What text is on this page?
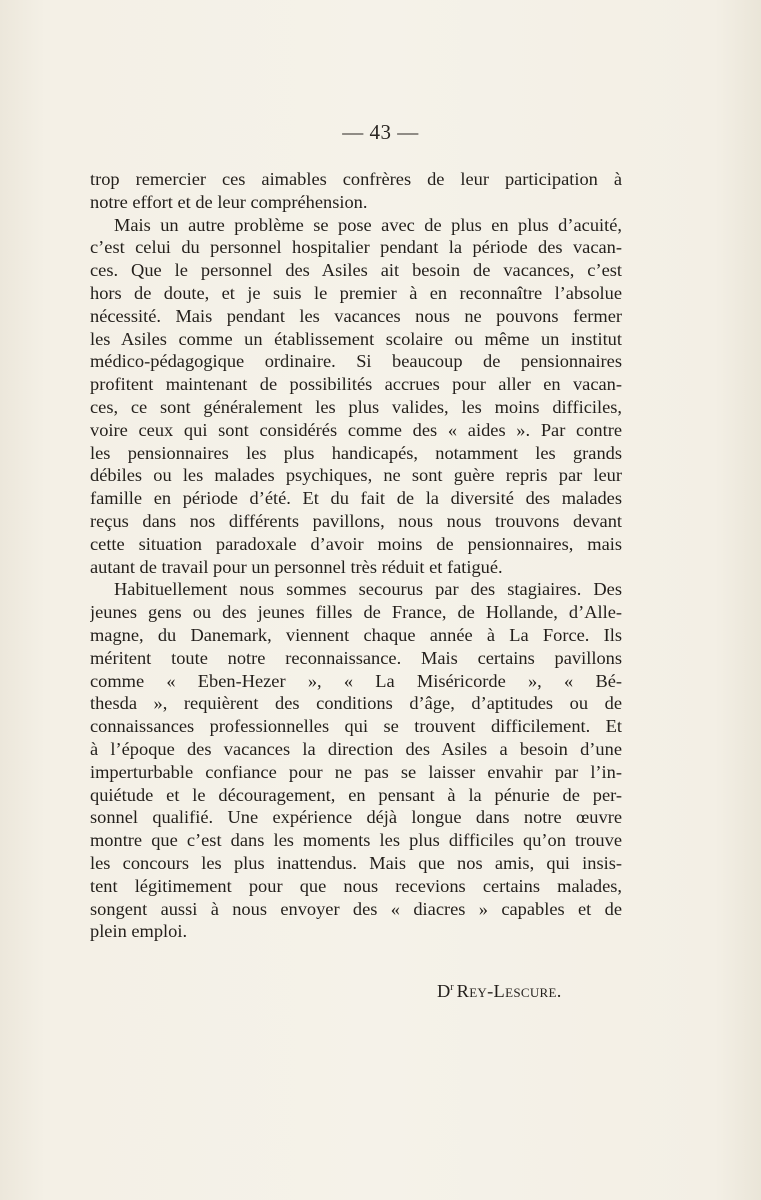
— 43 —
trop remercier ces aimables confrères de leur participation à
notre effort et de leur compréhension.
Mais un autre problème se pose avec de plus en plus d’acuité,
c’est celui du personnel hospitalier pendant la période des vacan-
ces. Que le personnel des Asiles ait besoin de vacances, c’est
hors de doute, et je suis le premier à en reconnaître l’absolue
nécessité. Mais pendant les vacances nous ne pouvons fermer
les Asiles comme un établissement scolaire ou même un institut
médico-pédagogique ordinaire. Si beaucoup de pensionnaires
profitent maintenant de possibilités accrues pour aller en vacan-
ces, ce sont généralement les plus valides, les moins difficiles,
voire ceux qui sont considérés comme des « aides ». Par contre
les pensionnaires les plus handicapés, notamment les grands
débiles ou les malades psychiques, ne sont guère repris par leur
famille en période d’été. Et du fait de la diversité des malades
reçus dans nos différents pavillons, nous nous trouvons devant
cette situation paradoxale d’avoir moins de pensionnaires, mais
autant de travail pour un personnel très réduit et fatigué.
Habituellement nous sommes secourus par des stagiaires. Des
jeunes gens ou des jeunes filles de France, de Hollande, d’Alle-
magne, du Danemark, viennent chaque année à La Force. Ils
méritent toute notre reconnaissance. Mais certains pavillons
comme « Eben-Hezer », « La Miséricorde », « Bé-
thesda », requièrent des conditions d’âge, d’aptitudes ou de
connaissances professionnelles qui se trouvent difficilement. Et
à l’époque des vacances la direction des Asiles a besoin d’une
imperturbable confiance pour ne pas se laisser envahir par l’in-
quiétude et le découragement, en pensant à la pénurie de per-
sonnel qualifié. Une expérience déjà longue dans notre œuvre
montre que c’est dans les moments les plus difficiles qu’on trouve
les concours les plus inattendus. Mais que nos amis, qui insis-
tent légitimement pour que nous recevions certains malades,
songent aussi à nous envoyer des « diacres » capables et de
plein emploi.
$D^r$ Rey-Lescure.
